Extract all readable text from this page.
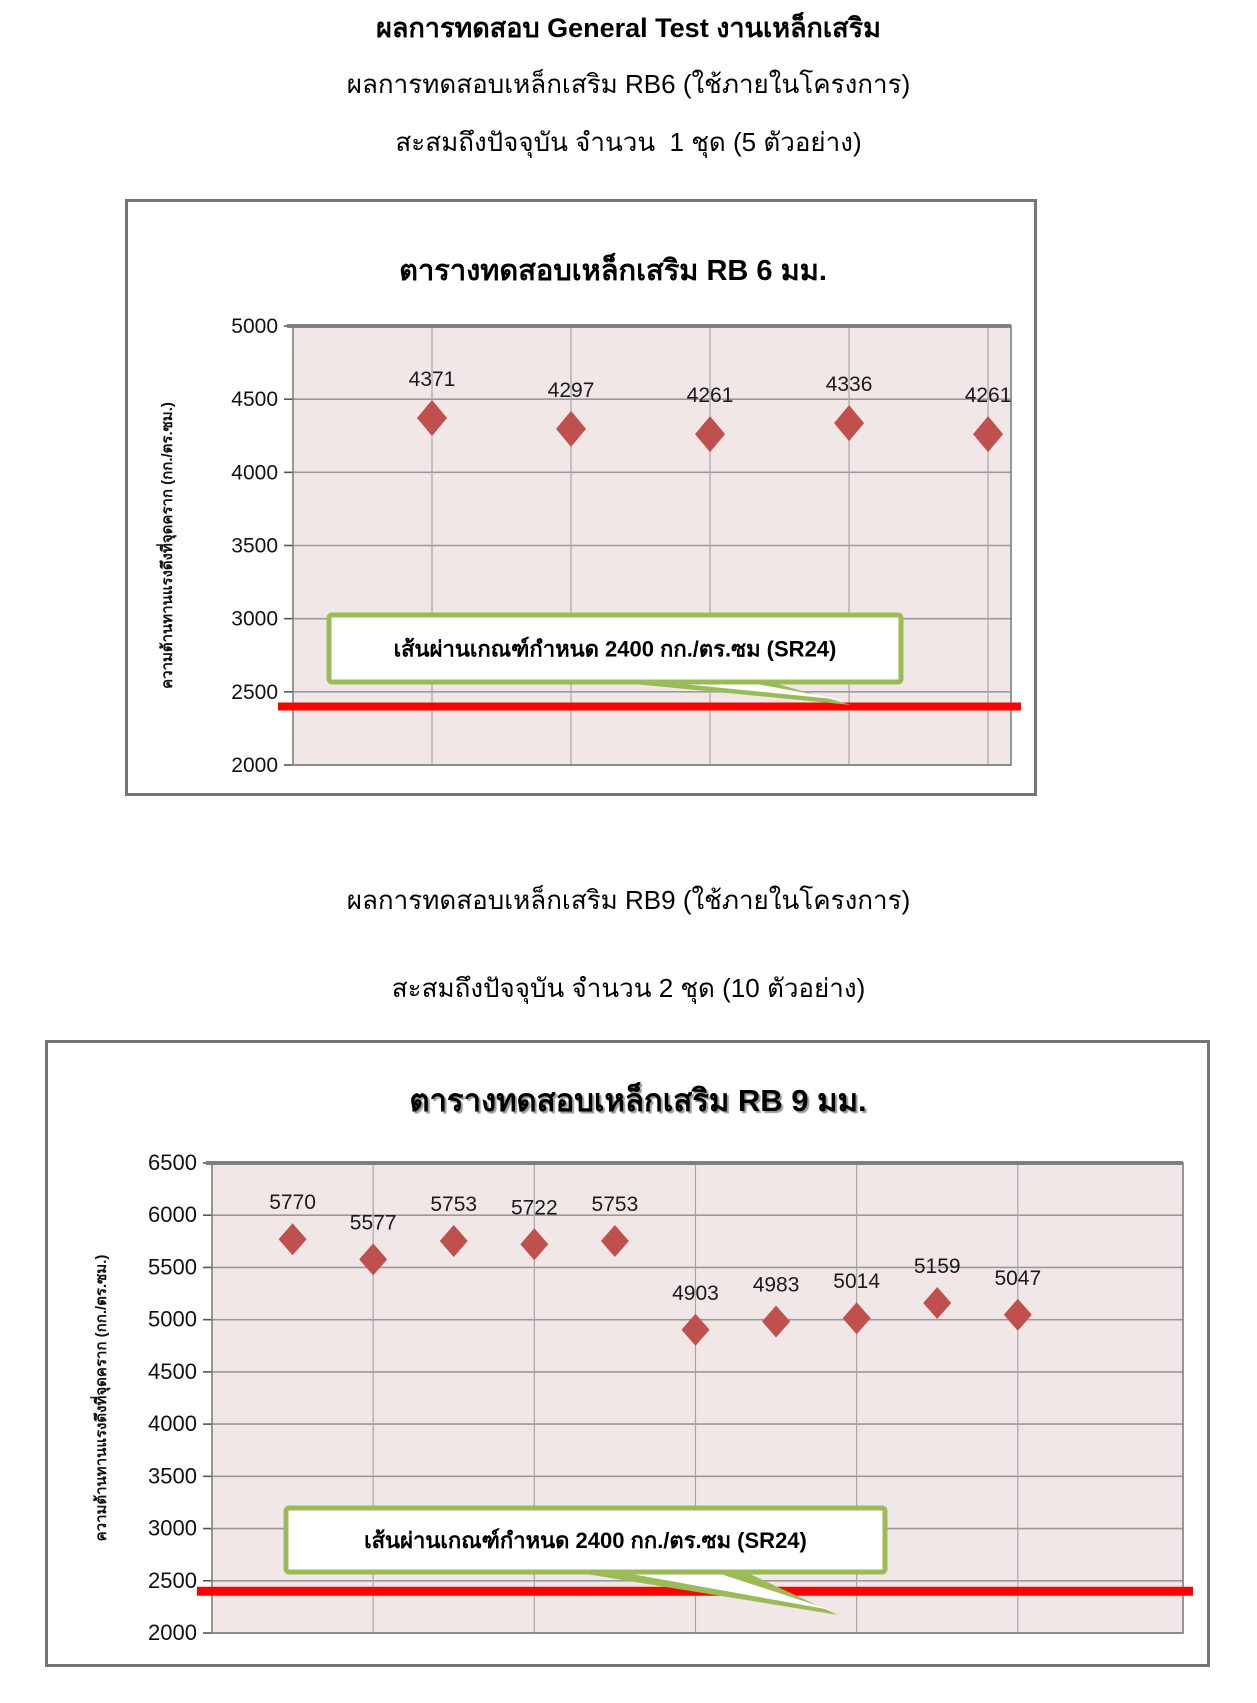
ผลการทดสอบ General Test งานเหล็กเสริม
ผลการทดสอบเหล็กเสริม RB6 (ใช้ภายในโครงการ)
สะสมถึงปัจจุบัน จำนวน  1 ชุด (5 ตัวอย่าง)
2000
2500
3000
3500
4000
4500
5000
ตารางทดสอบเหล็กเสริม RB 6 มม.
ความต้านทานแรงดึงที่จุดคราก (กก./ตร.ซม.)	เส้นผ่านเกณฑ์กำหนด 2400 กก./ตร.ซม (SR24)
4371	4297	4261	4336	4261
ผลการทดสอบเหล็กเสริม RB9 (ใช้ภายในโครงการ)
สะสมถึงปัจจุบัน จำนวน 2 ชุด (10 ตัวอย่าง)
2000
2500
3000
3500
4000
4500
5000
5500
6000
6500
ตารางทดสอบเหล็กเสริม RB 9 มม.
ความต้านทานแรงดึงที่จุดคราก (กก./ตร.ซม.)	เส้นผ่านเกณฑ์กำหนด 2400 กก./ตร.ซม (SR24)
5770
5577
5753 5722 5753
4903 4983 5014
5159
5047
